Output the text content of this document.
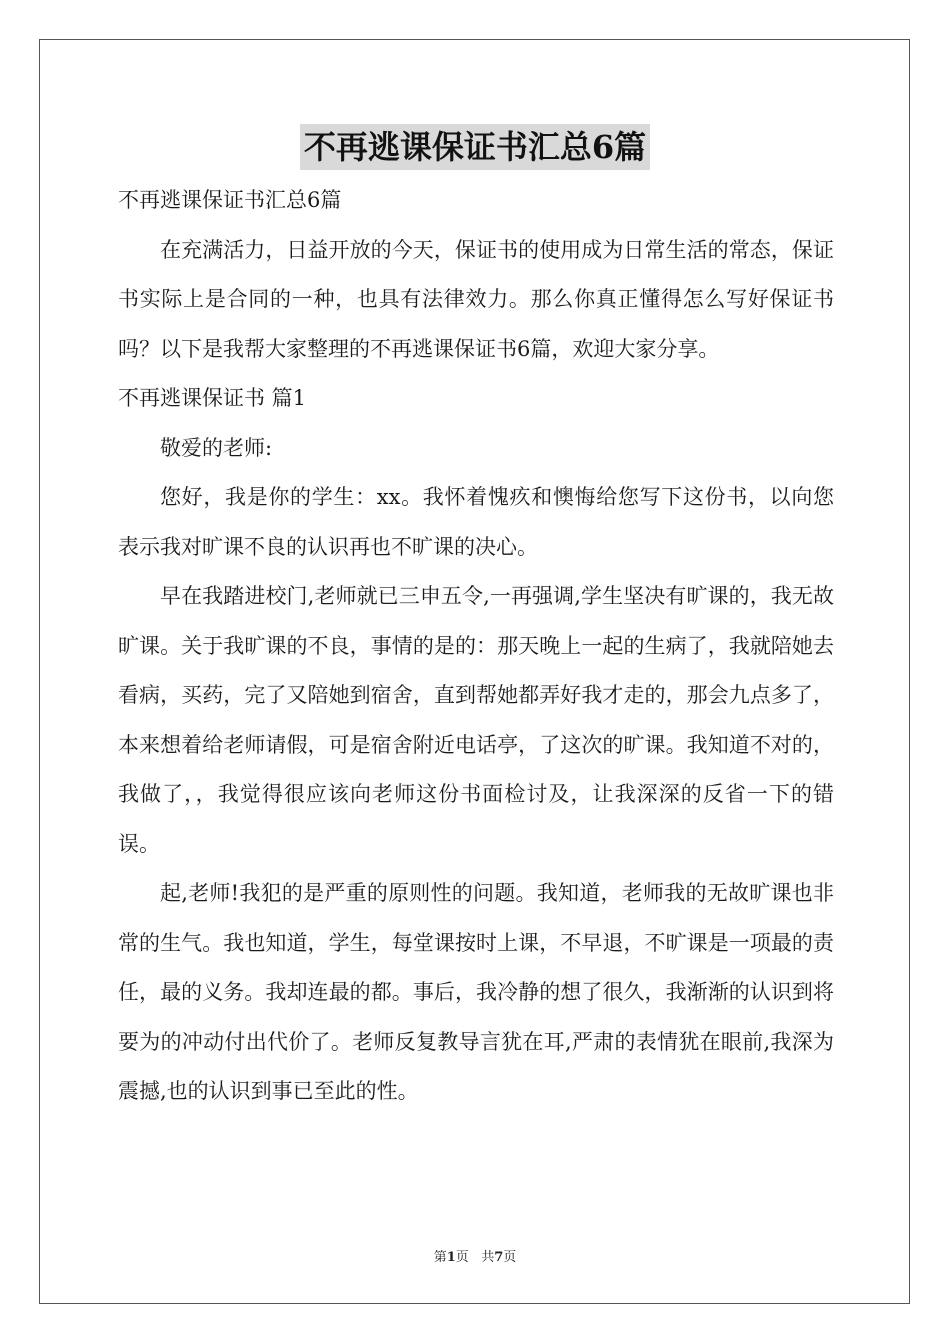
不再逃课保证书汇总6篇

不再逃课保证书汇总6篇

在充满活力，日益开放的今天，保证书的使用成为日常生活的常态，保证书实际上是合同的一种，也具有法律效力。那么你真正懂得怎么写好保证书吗？以下是我帮大家整理的不再逃课保证书6篇，欢迎大家分享。

不再逃课保证书 篇1

敬爱的老师:

您好，我是你的学生：xx。我怀着愧疚和懊悔给您写下这份书，以向您表示我对旷课不良的认识再也不旷课的决心。

早在我踏进校门,老师就已三申五令,一再强调,学生坚决有旷课的，我无故旷课。关于我旷课的不良，事情的是的：那天晚上一起的生病了，我就陪她去看病，买药，完了又陪她到宿舍，直到帮她都弄好我才走的，那会九点多了，本来想着给老师请假，可是宿舍附近电话亭，了这次的旷课。我知道不对的，我做了，，我觉得很应该向老师这份书面检讨及，让我深深的反省一下的错误。

起,老师!我犯的是严重的原则性的问题。我知道，老师我的无故旷课也非常的生气。我也知道，学生，每堂课按时上课，不早退，不旷课是一项最的责任，最的义务。我却连最的都。事后，我冷静的想了很久，我渐渐的认识到将要为的冲动付出代价了。老师反复教导言犹在耳,严肃的表情犹在眼前,我深为震撼,也的认识到事已至此的性。

第1页 共7页
